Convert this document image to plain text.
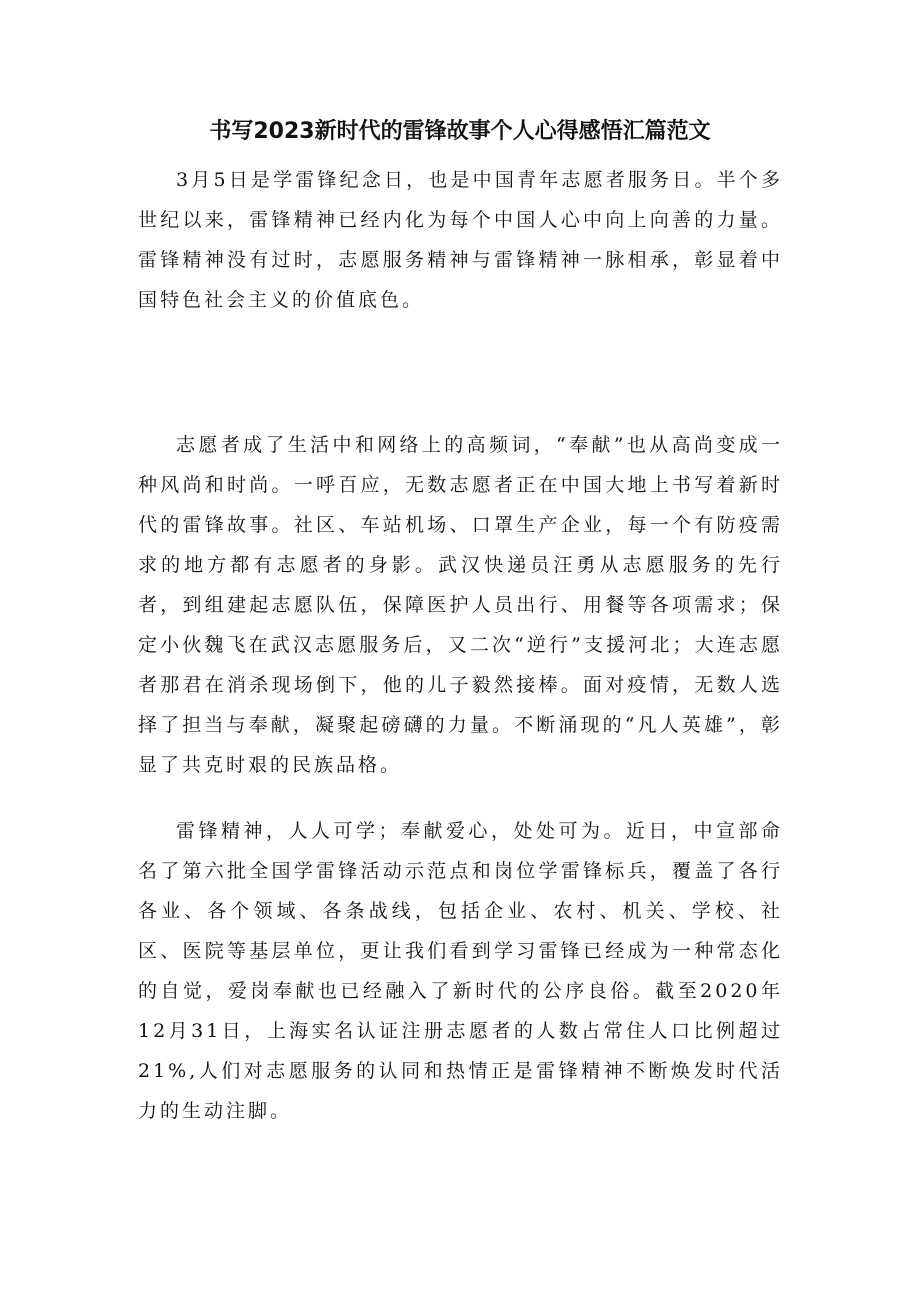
书写2023新时代的雷锋故事个人心得感悟汇篇范文

3月5日是学雷锋纪念日，也是中国青年志愿者服务日。半个多世纪以来，雷锋精神已经内化为每个中国人心中向上向善的力量。雷锋精神没有过时，志愿服务精神与雷锋精神一脉相承，彰显着中国特色社会主义的价值底色。

志愿者成了生活中和网络上的高频词，“奉献”也从高尚变成一种风尚和时尚。一呼百应，无数志愿者正在中国大地上书写着新时代的雷锋故事。社区、车站机场、口罩生产企业，每一个有防疫需求的地方都有志愿者的身影。武汉快递员汪勇从志愿服务的先行者，到组建起志愿队伍，保障医护人员出行、用餐等各项需求；保定小伙魏飞在武汉志愿服务后，又二次“逆行”支援河北；大连志愿者那君在消杀现场倒下，他的儿子毅然接棒。面对疫情，无数人选择了担当与奉献，凝聚起磅礴的力量。不断涌现的“凡人英雄”，彰显了共克时艰的民族品格。

雷锋精神，人人可学；奉献爱心，处处可为。近日，中宣部命名了第六批全国学雷锋活动示范点和岗位学雷锋标兵，覆盖了各行各业、各个领域、各条战线，包括企业、农村、机关、学校、社区、医院等基层单位，更让我们看到学习雷锋已经成为一种常态化的自觉，爱岗奉献也已经融入了新时代的公序良俗。截至2020年12月31日，上海实名认证注册志愿者的人数占常住人口比例超过21%,人们对志愿服务的认同和热情正是雷锋精神不断焕发时代活力的生动注脚。
